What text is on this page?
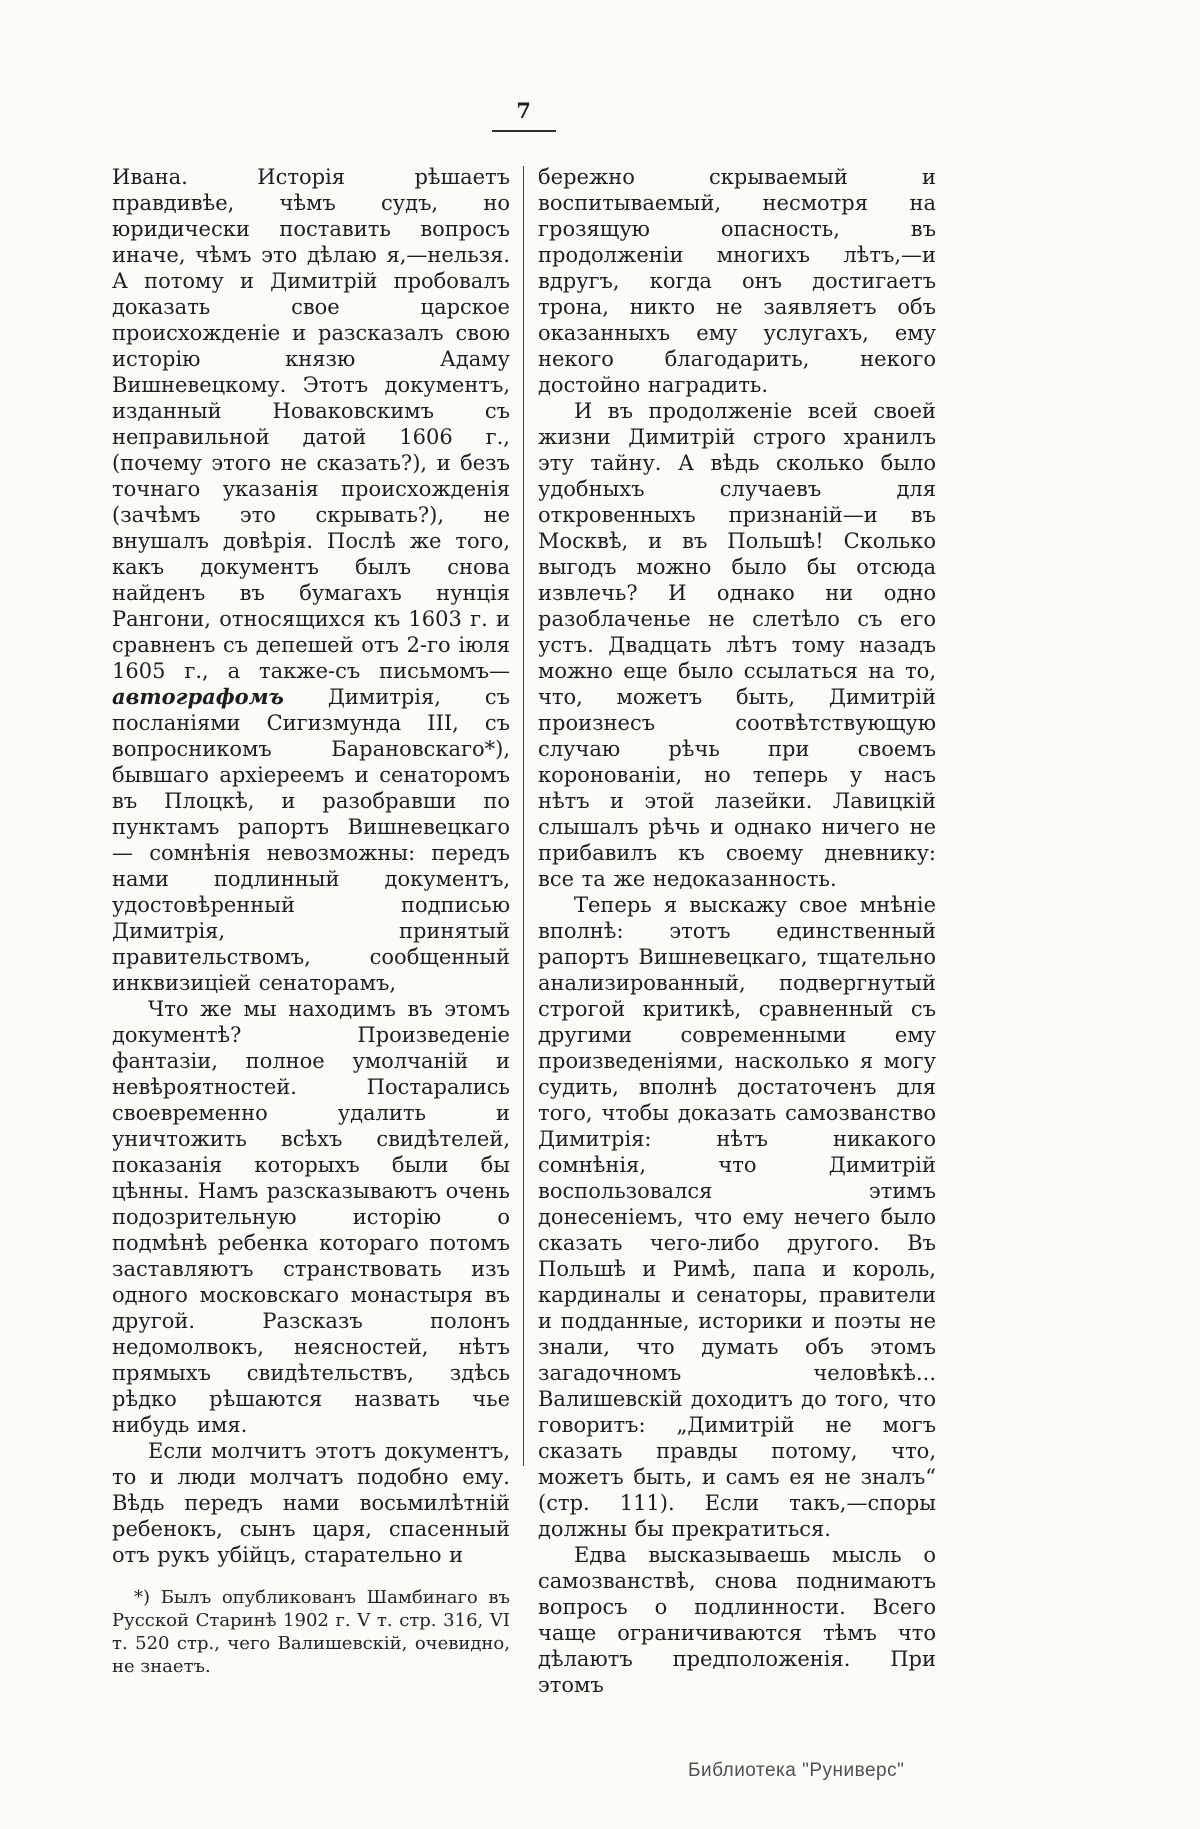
7

Ивана. Исторія рѣшаетъ правдивѣе, чѣмъ судъ, но юридически поставить вопросъ иначе, чѣмъ это дѣлаю я,—нельзя. А потому и Димитрій пробовалъ доказать свое царское происхожденіе и разсказалъ свою исторію князю Адаму Вишневецкому. Этотъ документъ, изданный Новаковскимъ съ неправильной датой 1606 г., (почему этого не сказать?), и безъ точнаго указанія происхожденія (зачѣмъ это скрывать?), не внушалъ довѣрія. Послѣ же того, какъ документъ былъ снова найденъ въ бумагахъ нунція Рангони, относящихся къ 1603 г. и сравненъ съ депешей отъ 2-го іюля 1605 г., а также-съ письмомъ—автографомъ Димитрія, съ посланіями Сигизмунда III, съ вопросникомъ Барановскаго*), бывшаго архіереемъ и сенаторомъ въ Плоцкѣ, и разобравши по пунктамъ рапортъ Вишневецкаго — сомнѣнія невозможны: передъ нами подлинный документъ, удостовѣренный подписью Димитрія, принятый правительствомъ, сообщенный инквизиціей сенаторамъ,

Что же мы находимъ въ этомъ документѣ? Произведеніе фантазіи, полное умолчаній и невѣроятностей. Постарались своевременно удалить и уничтожить всѣхъ свидѣтелей, показанія которыхъ были бы цѣнны. Намъ разсказываютъ очень подозрительную исторію о подмѣнѣ ребенка котораго потомъ заставляютъ странствовать изъ одного московскаго монастыря въ другой. Разсказъ полонъ недомолвокъ, неясностей, нѣтъ прямыхъ свидѣтельствъ, здѣсь рѣдко рѣшаются назвать чье нибудь имя.

Если молчитъ этотъ документъ, то и люди молчатъ подобно ему. Вѣдь передъ нами восьмилѣтній ребенокъ, сынъ царя, спасенный отъ рукъ убійцъ, старательно и

*) Былъ опубликованъ Шамбинаго въ Русской Старинѣ 1902 г. V т. стр. 316, VI т. 520 стр., чего Валишевскій, очевидно, не знаетъ.

бережно скрываемый и воспитываемый, несмотря на грозящую опасность, въ продолженіи многихъ лѣтъ,—и вдругъ, когда онъ достигаетъ трона, никто не заявляетъ объ оказанныхъ ему услугахъ, ему некого благодарить, некого достойно наградить.

И въ продолженіе всей своей жизни Димитрій строго хранилъ эту тайну. А вѣдь сколько было удобныхъ случаевъ для откровенныхъ признаній—и въ Москвѣ, и въ Польшѣ! Сколько выгодъ можно было бы отсюда извлечь? И однако ни одно разоблаченье не слетѣло съ его устъ. Двадцать лѣтъ тому назадъ можно еще было ссылаться на то, что, можетъ быть, Димитрій произнесъ соотвѣтствующую случаю рѣчь при своемъ коронованіи, но теперь у насъ нѣтъ и этой лазейки. Лавицкій слышалъ рѣчь и однако ничего не прибавилъ къ своему дневнику: все та же недоказанность.

Теперь я выскажу свое мнѣніе вполнѣ: этотъ единственный рапортъ Вишневецкаго, тщательно анализированный, подвергнутый строгой критикѣ, сравненный съ другими современными ему произведеніями, насколько я могу судить, вполнѣ достаточенъ для того, чтобы доказать самозванство Димитрія: нѣтъ никакого сомнѣнія, что Димитрій воспользовался этимъ донесеніемъ, что ему нечего было сказать чего-либо другого. Въ Польшѣ и Римѣ, папа и король, кардиналы и сенаторы, правители и подданные, историки и поэты не знали, что думать объ этомъ загадочномъ человѣкѣ... Валишевскій доходитъ до того, что говоритъ: „Димитрій не могъ сказать правды потому, что, можетъ быть, и самъ ея не зналъ“ (стр. 111). Если такъ,—споры должны бы прекратиться.

Едва высказываешь мысль о самозванствѣ, снова поднимаютъ вопросъ о подлинности. Всего чаще ограничиваются тѣмъ что дѣлаютъ предположенія. При этомъ

Библиотека "Руниверс"
